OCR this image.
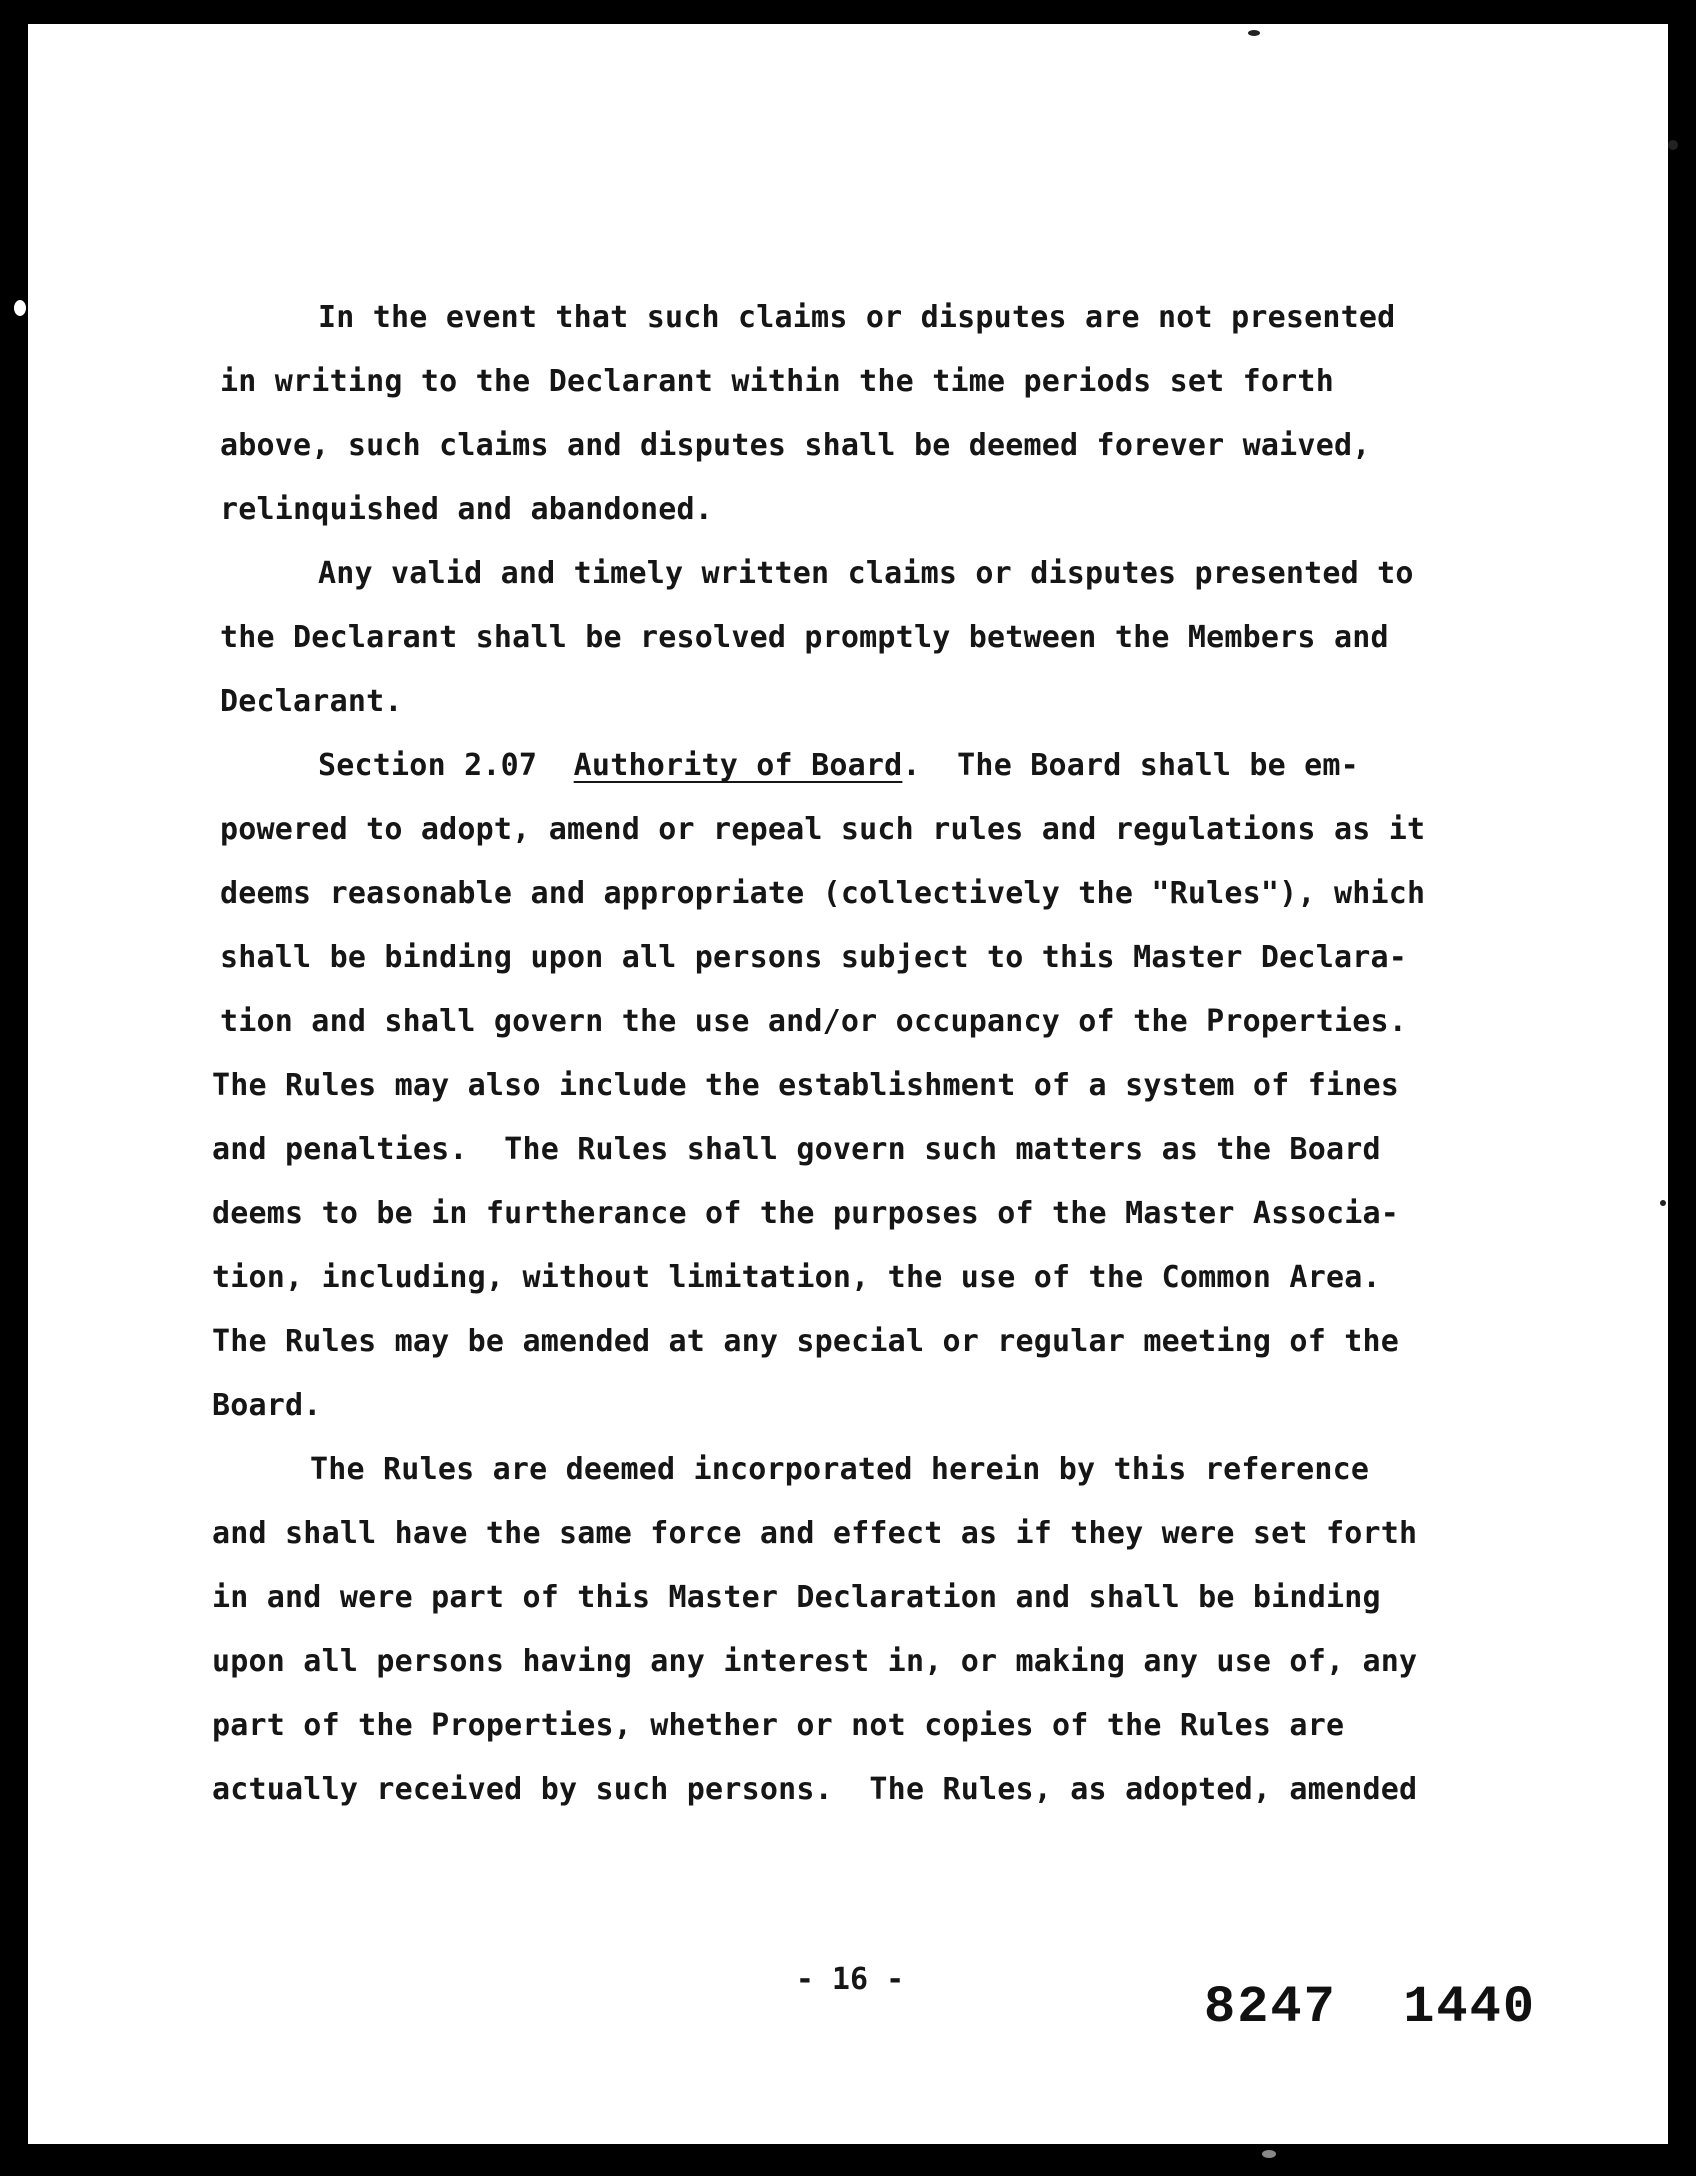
In the event that such claims or disputes are not presented
in writing to the Declarant within the time periods set forth
above, such claims and disputes shall be deemed forever waived,
relinquished and abandoned.
Any valid and timely written claims or disputes presented to
the Declarant shall be resolved promptly between the Members and
Declarant.
Section 2.07 Authority of Board.  The Board shall be em-
powered to adopt, amend or repeal such rules and regulations as it
deems reasonable and appropriate (collectively the "Rules"), which
shall be binding upon all persons subject to this Master Declara-
tion and shall govern the use and/or occupancy of the Properties.
The Rules may also include the establishment of a system of fines
and penalties.  The Rules shall govern such matters as the Board
deems to be in furtherance of the purposes of the Master Associa-
tion, including, without limitation, the use of the Common Area.
The Rules may be amended at any special or regular meeting of the
Board.
The Rules are deemed incorporated herein by this reference
and shall have the same force and effect as if they were set forth
in and were part of this Master Declaration and shall be binding
upon all persons having any interest in, or making any use of, any
part of the Properties, whether or not copies of the Rules are
actually received by such persons.  The Rules, as adopted, amended
- 16 -	8247  1440
